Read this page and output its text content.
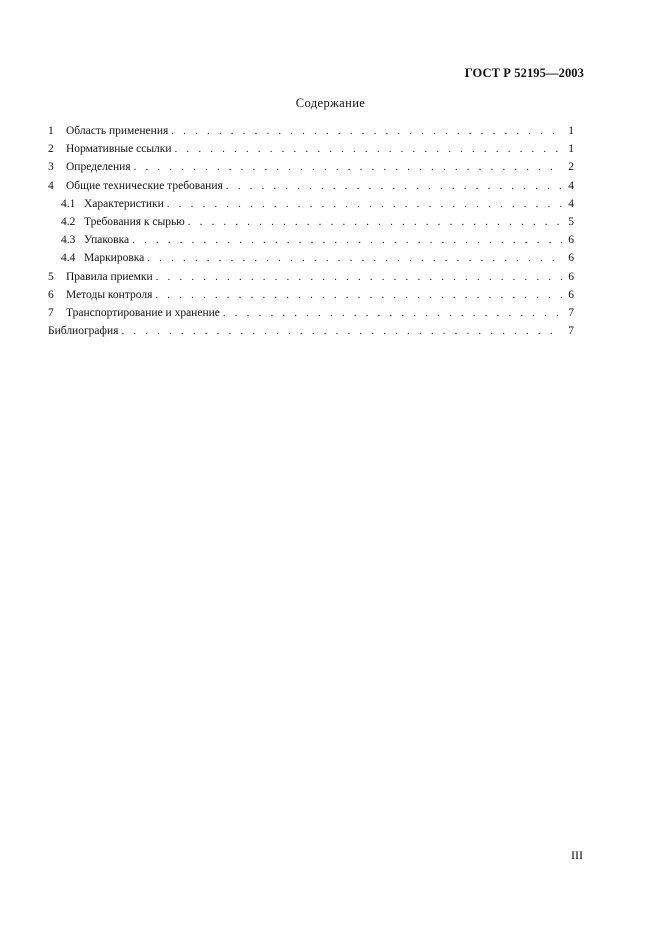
ГОСТ Р 52195—2003
Содержание
1	Область применения . . .	1
2	Нормативные ссылки . . .	1
3	Определения . . .	2
4	Общие технические требования . . .	4
4.1 Характеристики . . .	4
4.2 Требования к сырью . . .	5
4.3 Упаковка . . .	6
4.4 Маркировка . . .	6
5	Правила приемки . . .	6
6	Методы контроля . . .	6
7	Транспортирование и хранение . . .	7
Библиография . . .	7
III
